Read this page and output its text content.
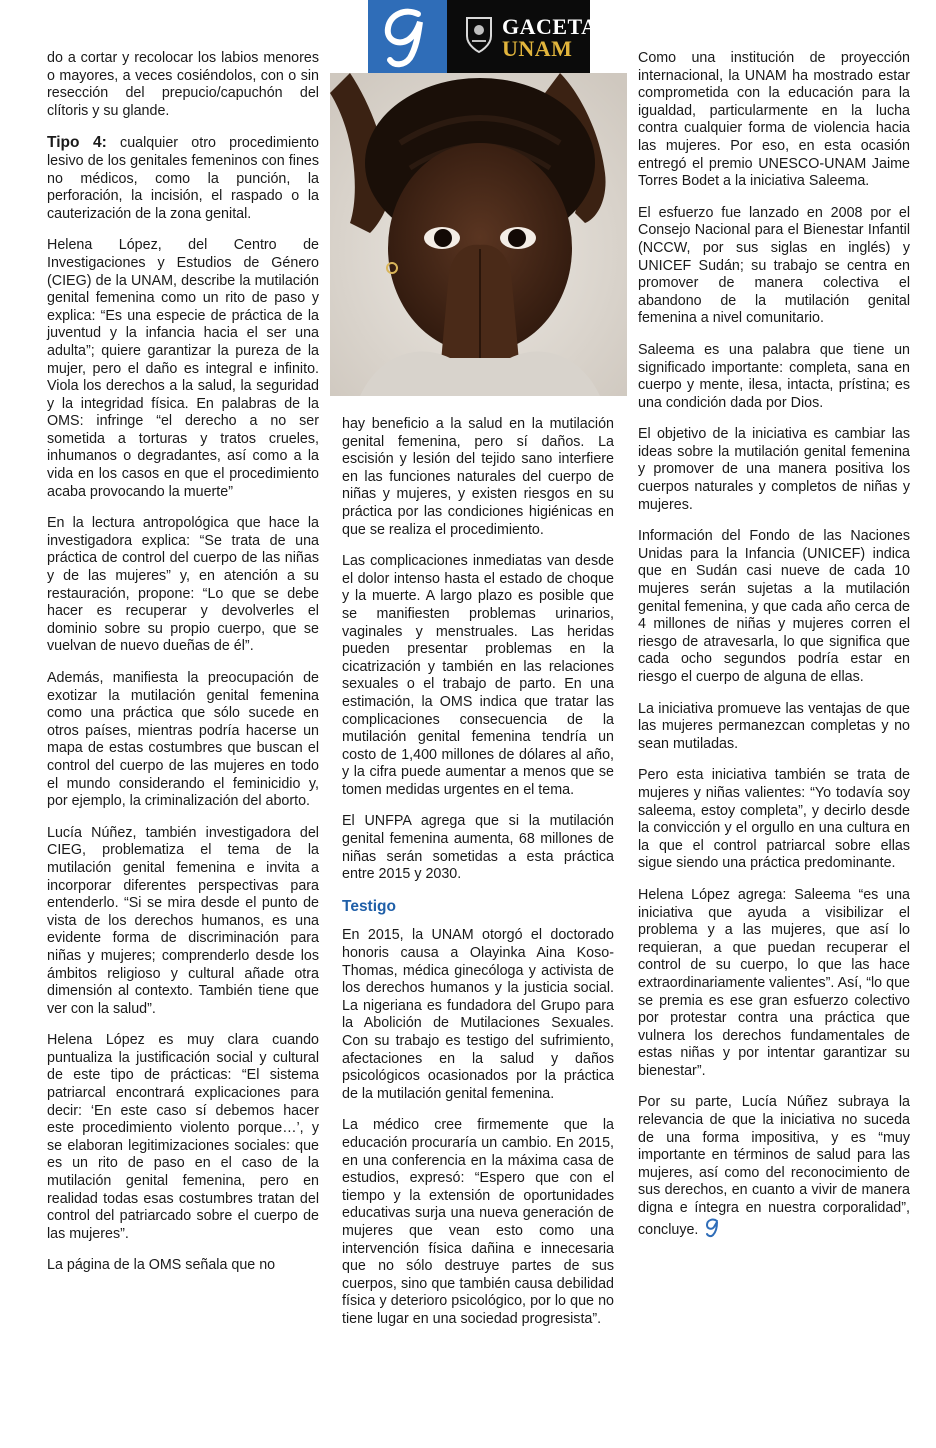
GACETA
UNAM

do a cortar y recolocar los labios menores o mayores, a veces cosiéndolos, con o sin resección del prepucio/capuchón del clítoris y su glande.

Tipo 4: cualquier otro procedimiento lesivo de los genitales femeninos con fines no médicos, como la punción, la perforación, la incisión, el raspado o la cauterización de la zona genital.

Helena López, del Centro de Investigaciones y Estudios de Género (CIEG) de la UNAM, describe la mutilación genital femenina como un rito de paso y explica: “Es una especie de práctica de la juventud y la infancia hacia el ser una adulta”; quiere garantizar la pureza de la mujer, pero el daño es integral e infinito. Viola los derechos a la salud, la seguridad y la integridad física. En palabras de la OMS: infringe “el derecho a no ser sometida a torturas y tratos crueles, inhumanos o degradantes, así como a la vida en los casos en que el procedimiento acaba provocando la muerte”

En la lectura antropológica que hace la investigadora explica: “Se trata de una práctica de control del cuerpo de las niñas y de las mujeres” y, en atención a su restauración, propone: “Lo que se debe hacer es recuperar y devolverles el dominio sobre su propio cuerpo, que se vuelvan de nuevo dueñas de él”.

Además, manifiesta la preocupación de exotizar la mutilación genital femenina como una práctica que sólo sucede en otros países, mientras podría hacerse un mapa de estas costumbres que buscan el control del cuerpo de las mujeres en todo el mundo considerando el feminicidio y, por ejemplo, la criminalización del aborto.

Lucía Núñez, también investigadora del CIEG, problematiza el tema de la mutilación genital femenina e invita a incorporar diferentes perspectivas para entenderlo. “Si se mira desde el punto de vista de los derechos humanos, es una evidente forma de discriminación para niñas y mujeres; comprenderlo desde los ámbitos religioso y cultural añade otra dimensión al contexto. También tiene que ver con la salud”.

Helena López es muy clara cuando puntualiza la justificación social y cultural de este tipo de prácticas: “El sistema patriarcal encontrará explicaciones para decir: ‘En este caso sí debemos hacer este procedimiento violento porque…’, y se elaboran legitimizaciones sociales: que es un rito de paso en el caso de la mutilación genital femenina, pero en realidad todas esas costumbres tratan del control del patriarcado sobre el cuerpo de las mujeres”.

La página de la OMS señala que no

hay beneficio a la salud en la mutilación genital femenina, pero sí daños. La escisión y lesión del tejido sano interfiere en las funciones naturales del cuerpo de niñas y mujeres, y existen riesgos en su práctica por las condiciones higiénicas en que se realiza el procedimiento.

Las complicaciones inmediatas van desde el dolor intenso hasta el estado de choque y la muerte. A largo plazo es posible que se manifiesten problemas urinarios, vaginales y menstruales. Las heridas pueden presentar problemas en la cicatrización y también en las relaciones sexuales o el trabajo de parto. En una estimación, la OMS indica que tratar las complicaciones consecuencia de la mutilación genital femenina tendría un costo de 1,400 millones de dólares al año, y la cifra puede aumentar a menos que se tomen medidas urgentes en el tema.

El UNFPA agrega que si la mutilación genital femenina aumenta, 68 millones de niñas serán sometidas a esta práctica entre 2015 y 2030.

Testigo

En 2015, la UNAM otorgó el doctorado honoris causa a Olayinka Aina Koso-Thomas, médica ginecóloga y activista de los derechos humanos y la justicia social. La nigeriana es fundadora del Grupo para la Abolición de Mutilaciones Sexuales. Con su trabajo es testigo del sufrimiento, afectaciones en la salud y daños psicológicos ocasionados por la práctica de la mutilación genital femenina.

La médico cree firmemente que la educación procuraría un cambio. En 2015, en una conferencia en la máxima casa de estudios, expresó: “Espero que con el tiempo y la extensión de oportunidades educativas surja una nueva generación de mujeres que vean esto como una intervención física dañina e innecesaria que no sólo destruye partes de sus cuerpos, sino que también causa debilidad física y deterioro psicológico, por lo que no tiene lugar en una sociedad progresista”.

Como una institución de proyección internacional, la UNAM ha mostrado estar comprometida con la educación para la igualdad, particularmente en la lucha contra cualquier forma de violencia hacia las mujeres. Por eso, en esta ocasión entregó el premio UNESCO-UNAM Jaime Torres Bodet a la iniciativa Saleema.

El esfuerzo fue lanzado en 2008 por el Consejo Nacional para el Bienestar Infantil (NCCW, por sus siglas en inglés) y UNICEF Sudán; su trabajo se centra en promover de manera colectiva el abandono de la mutilación genital femenina a nivel comunitario.

Saleema es una palabra que tiene un significado importante: completa, sana en cuerpo y mente, ilesa, intacta, prístina; es una condición dada por Dios.

El objetivo de la iniciativa es cambiar las ideas sobre la mutilación genital femenina y promover de una manera positiva los cuerpos naturales y completos de niñas y mujeres.

Información del Fondo de las Naciones Unidas para la Infancia (UNICEF) indica que en Sudán casi nueve de cada 10 mujeres serán sujetas a la mutilación genital femenina, y que cada año cerca de 4 millones de niñas y mujeres corren el riesgo de atravesarla, lo que significa que cada ocho segundos podría estar en riesgo el cuerpo de alguna de ellas.

La iniciativa promueve las ventajas de que las mujeres permanezcan completas y no sean mutiladas.

Pero esta iniciativa también se trata de mujeres y niñas valientes: “Yo todavía soy saleema, estoy completa”, y decirlo desde la convicción y el orgullo en una cultura en la que el control patriarcal sobre ellas sigue siendo una práctica predominante.

Helena López agrega: Saleema “es una iniciativa que ayuda a visibilizar el problema y a las mujeres, que así lo requieran, a que puedan recuperar el control de su cuerpo, lo que las hace extraordinariamente valientes”. Así, “lo que se premia es ese gran esfuerzo colectivo por protestar contra una práctica que vulnera los derechos fundamentales de estas niñas y por intentar garantizar su bienestar”.

Por su parte, Lucía Núñez subraya la relevancia de que la iniciativa no suceda de una forma impositiva, y es “muy importante en términos de salud para las mujeres, así como del reconocimiento de sus derechos, en cuanto a vivir de manera digna e íntegra en nuestra corporalidad”, concluye.
